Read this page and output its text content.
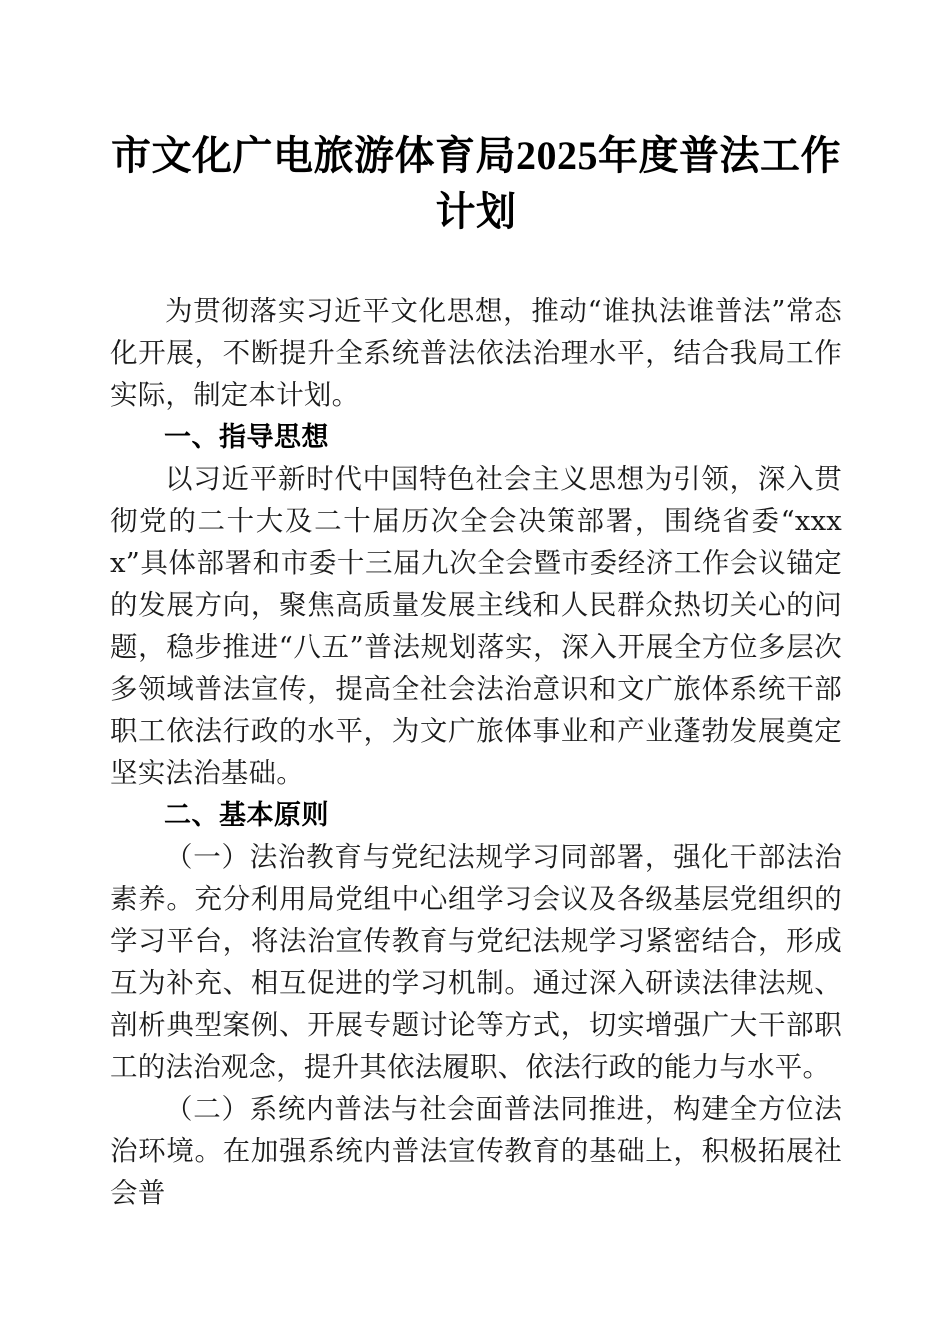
市文化广电旅游体育局2025年度普法工作计划

为贯彻落实习近平文化思想，推动“谁执法谁普法”常态化开展，不断提升全系统普法依法治理水平，结合我局工作实际，制定本计划。

一、指导思想

以习近平新时代中国特色社会主义思想为引领，深入贯彻党的二十大及二十届历次全会决策部署，围绕省委“xxxx”具体部署和市委十三届九次全会暨市委经济工作会议锚定的发展方向，聚焦高质量发展主线和人民群众热切关心的问题，稳步推进“八五”普法规划落实，深入开展全方位多层次多领域普法宣传，提高全社会法治意识和文广旅体系统干部职工依法行政的水平，为文广旅体事业和产业蓬勃发展奠定坚实法治基础。

二、基本原则

（一）法治教育与党纪法规学习同部署，强化干部法治素养。充分利用局党组中心组学习会议及各级基层党组织的学习平台，将法治宣传教育与党纪法规学习紧密结合，形成互为补充、相互促进的学习机制。通过深入研读法律法规、剖析典型案例、开展专题讨论等方式，切实增强广大干部职工的法治观念，提升其依法履职、依法行政的能力与水平。

（二）系统内普法与社会面普法同推进，构建全方位法治环境。在加强系统内普法宣传教育的基础上，积极拓展社会普
